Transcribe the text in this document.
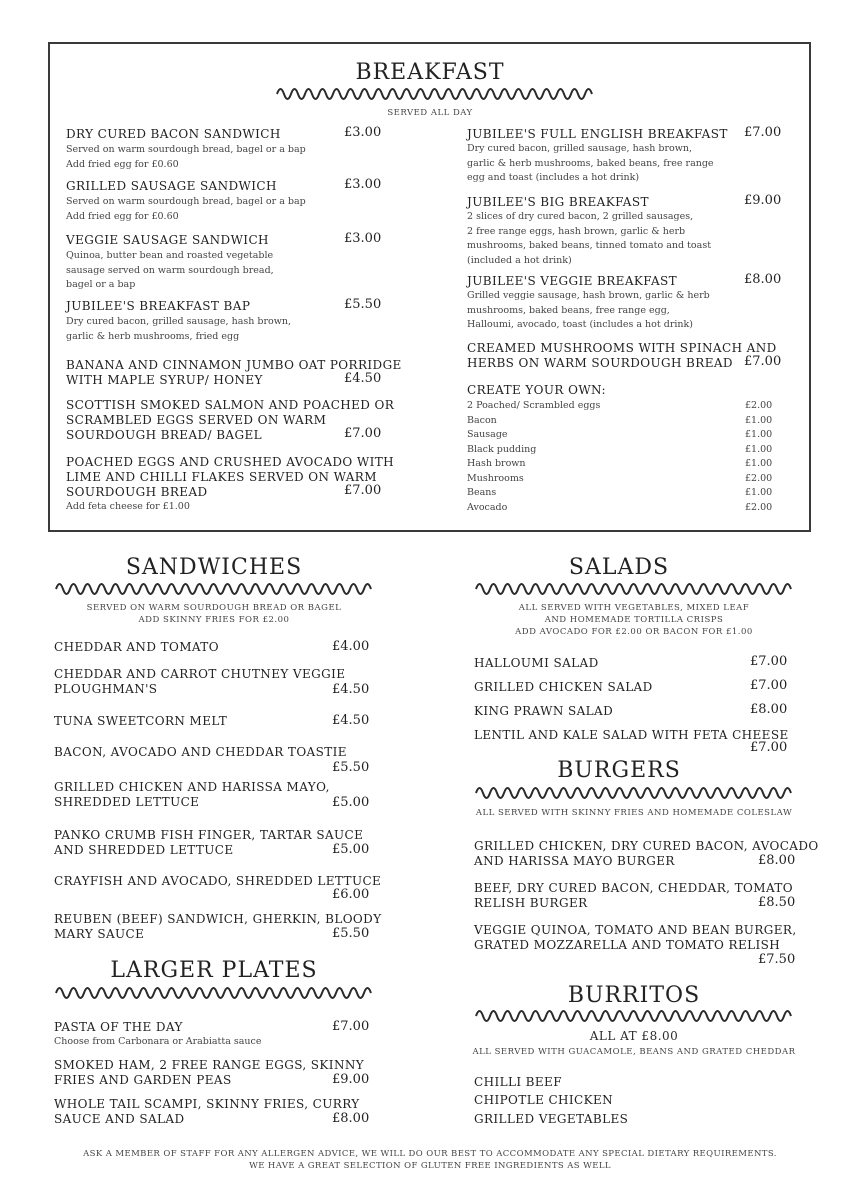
BREAKFAST
SERVED ALL DAY
DRY CURED BACON SANDWICH	£3.00
Served on warm sourdough bread, bagel or a bap
Add fried egg for £0.60
GRILLED SAUSAGE SANDWICH	£3.00
Served on warm sourdough bread, bagel or a bap
Add fried egg for £0.60
VEGGIE SAUSAGE SANDWICH	£3.00
Quinoa, butter bean and roasted vegetable
sausage served on warm sourdough bread,
bagel or a bap
JUBILEE'S BREAKFAST BAP	£5.50
Dry cured bacon, grilled sausage, hash brown,
garlic & herb mushrooms, fried egg
BANANA AND CINNAMON JUMBO OAT PORRIDGE
WITH MAPLE SYRUP/ HONEY	£4.50
SCOTTISH SMOKED SALMON AND POACHED OR
SCRAMBLED EGGS SERVED ON WARM
SOURDOUGH BREAD/ BAGEL	£7.00
POACHED EGGS AND CRUSHED AVOCADO WITH
LIME AND CHILLI FLAKES SERVED ON WARM
SOURDOUGH BREAD	£7.00
Add feta cheese for £1.00
JUBILEE'S FULL ENGLISH BREAKFAST £7.00
Dry cured bacon, grilled sausage, hash brown,
garlic & herb mushrooms, baked beans, free range
egg and toast (includes a hot drink)
JUBILEE'S BIG BREAKFAST	£9.00
2 slices of dry cured bacon, 2 grilled sausages,
2 free range eggs, hash brown, garlic & herb
mushrooms, baked beans, tinned tomato and toast
(included a hot drink)
JUBILEE'S VEGGIE BREAKFAST	£8.00
Grilled veggie sausage, hash brown, garlic & herb
mushrooms, baked beans, free range egg,
Halloumi, avocado, toast (includes a hot drink)
CREAMED MUSHROOMS WITH SPINACH AND
HERBS ON WARM SOURDOUGH BREAD £7.00
CREATE YOUR OWN:
2 Poached/ Scrambled eggs	£2.00
Bacon	£1.00
Sausage	£1.00
Black pudding	£1.00
Hash brown	£1.00
Mushrooms	£2.00
Beans	£1.00
Avocado	£2.00
SANDWICHES
SERVED ON WARM SOURDOUGH BREAD OR BAGEL
ADD SKINNY FRIES FOR £2.00
CHEDDAR AND TOMATO	£4.00
CHEDDAR AND CARROT CHUTNEY VEGGIE
PLOUGHMAN'S	£4.50
TUNA SWEETCORN MELT	£4.50
BACON, AVOCADO AND CHEDDAR TOASTIE
£5.50
GRILLED CHICKEN AND HARISSA MAYO,
SHREDDED LETTUCE	£5.00
PANKO CRUMB FISH FINGER, TARTAR SAUCE
AND SHREDDED LETTUCE	£5.00
CRAYFISH AND AVOCADO, SHREDDED LETTUCE
£6.00
REUBEN (BEEF) SANDWICH, GHERKIN, BLOODY
MARY SAUCE	£5.50
LARGER PLATES
PASTA OF THE DAY	£7.00
Choose from Carbonara or Arabiatta sauce
SMOKED HAM, 2 FREE RANGE EGGS, SKINNY
FRIES AND GARDEN PEAS	£9.00
WHOLE TAIL SCAMPI, SKINNY FRIES, CURRY
SAUCE AND SALAD	£8.00
SALADS
ALL SERVED WITH VEGETABLES, MIXED LEAF
AND HOMEMADE TORTILLA CRISPS
ADD AVOCADO FOR £2.00 OR BACON FOR £1.00
HALLOUMI SALAD	£7.00
GRILLED CHICKEN SALAD	£7.00
KING PRAWN SALAD	£8.00
LENTIL AND KALE SALAD WITH FETA CHEESE
£7.00
BURGERS
ALL SERVED WITH SKINNY FRIES AND HOMEMADE COLESLAW
GRILLED CHICKEN, DRY CURED BACON, AVOCADO
AND HARISSA MAYO BURGER	£8.00
BEEF, DRY CURED BACON, CHEDDAR, TOMATO
RELISH BURGER	£8.50
VEGGIE QUINOA, TOMATO AND BEAN BURGER,
GRATED MOZZARELLA AND TOMATO RELISH
£7.50
BURRITOS
ALL AT £8.00
ALL SERVED WITH GUACAMOLE, BEANS AND GRATED CHEDDAR
CHILLI BEEF
CHIPOTLE CHICKEN
GRILLED VEGETABLES
ASK A MEMBER OF STAFF FOR ANY ALLERGEN ADVICE, WE WILL DO OUR BEST TO ACCOMMODATE ANY SPECIAL DIETARY REQUIREMENTS.
WE HAVE A GREAT SELECTION OF GLUTEN FREE INGREDIENTS AS WELL
